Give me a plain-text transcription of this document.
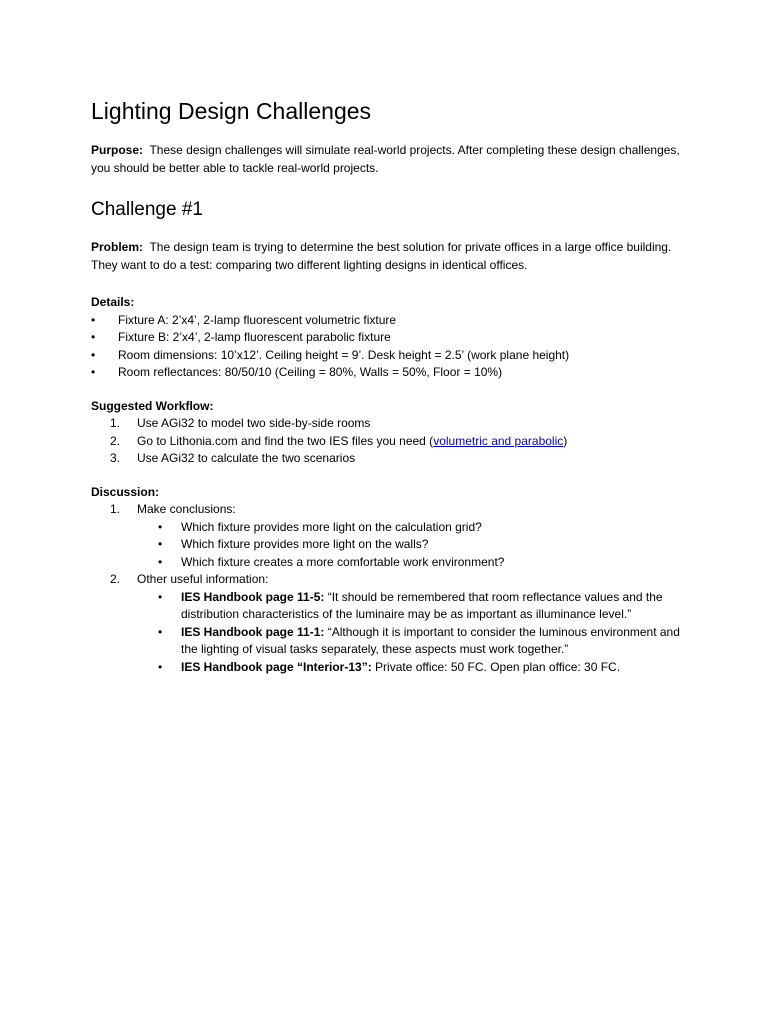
Lighting Design Challenges

Purpose: These design challenges will simulate real-world projects. After completing these design challenges, you should be better able to tackle real-world projects.

Challenge #1

Problem: The design team is trying to determine the best solution for private offices in a large office building. They want to do a test: comparing two different lighting designs in identical offices.

Details:

•	Fixture A: 2’x4’, 2-lamp fluorescent volumetric fixture
•	Fixture B: 2’x4’, 2-lamp fluorescent parabolic fixture
•	Room dimensions: 10’x12’. Ceiling height = 9’. Desk height = 2.5’ (work plane height)
•	Room reflectances: 80/50/10 (Ceiling = 80%, Walls = 50%, Floor = 10%)

Suggested Workflow:

1. Use AGi32 to model two side-by-side rooms
2. Go to Lithonia.com and find the two IES files you need (volumetric and parabolic)
3. Use AGi32 to calculate the two scenarios

Discussion:

1. Make conclusions:
• Which fixture provides more light on the calculation grid?
• Which fixture provides more light on the walls?
• Which fixture creates a more comfortable work environment?
2. Other useful information:
• IES Handbook page 11-5: “It should be remembered that room reflectance values and the distribution characteristics of the luminaire may be as important as illuminance level.”
• IES Handbook page 11-1: “Although it is important to consider the luminous environment and the lighting of visual tasks separately, these aspects must work together.”
• IES Handbook page “Interior-13”: Private office: 50 FC. Open plan office: 30 FC.
